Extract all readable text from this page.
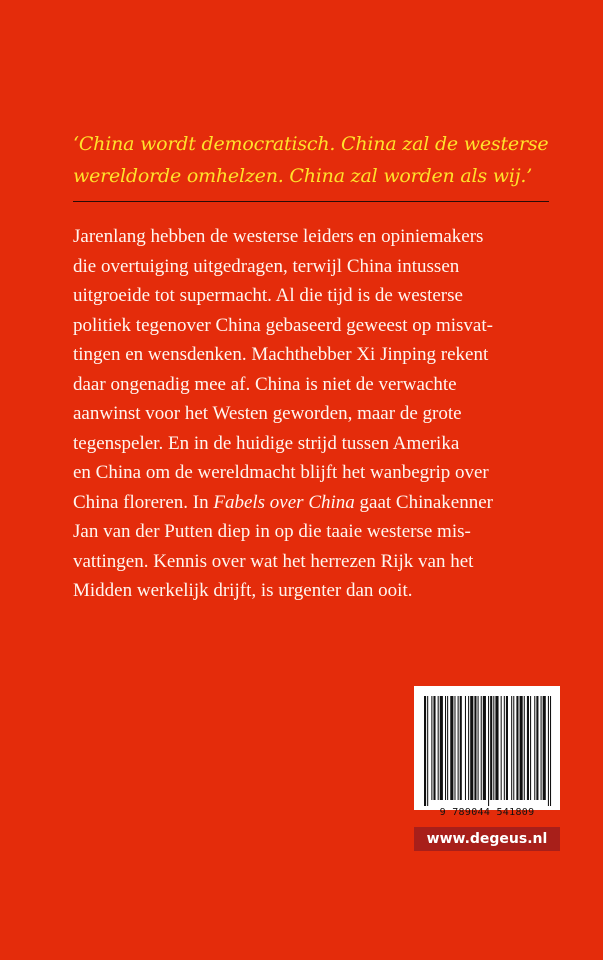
‘China wordt democratisch. China zal de westerse
wereldorde omhelzen. China zal worden als wij.’
Jarenlang hebben de westerse leiders en opiniemakers
die overtuiging uitgedragen, terwijl China intussen
uitgroeide tot supermacht. Al die tijd is de westerse
politiek tegenover China gebaseerd geweest op misvat-
tingen en wensdenken. Machthebber Xi Jinping rekent
daar ongenadig mee af. China is niet de verwachte
aanwinst voor het Westen geworden, maar de grote
tegenspeler. En in de huidige strijd tussen Amerika
en China om de wereldmacht blijft het wanbegrip over
China floreren. In Fabels over China gaat Chinakenner
Jan van der Putten diep in op die taaie westerse mis-
vattingen. Kennis over wat het herrezen Rijk van het
Midden werkelijk drijft, is urgenter dan ooit.
9 789044 541809
www.degeus.nl
